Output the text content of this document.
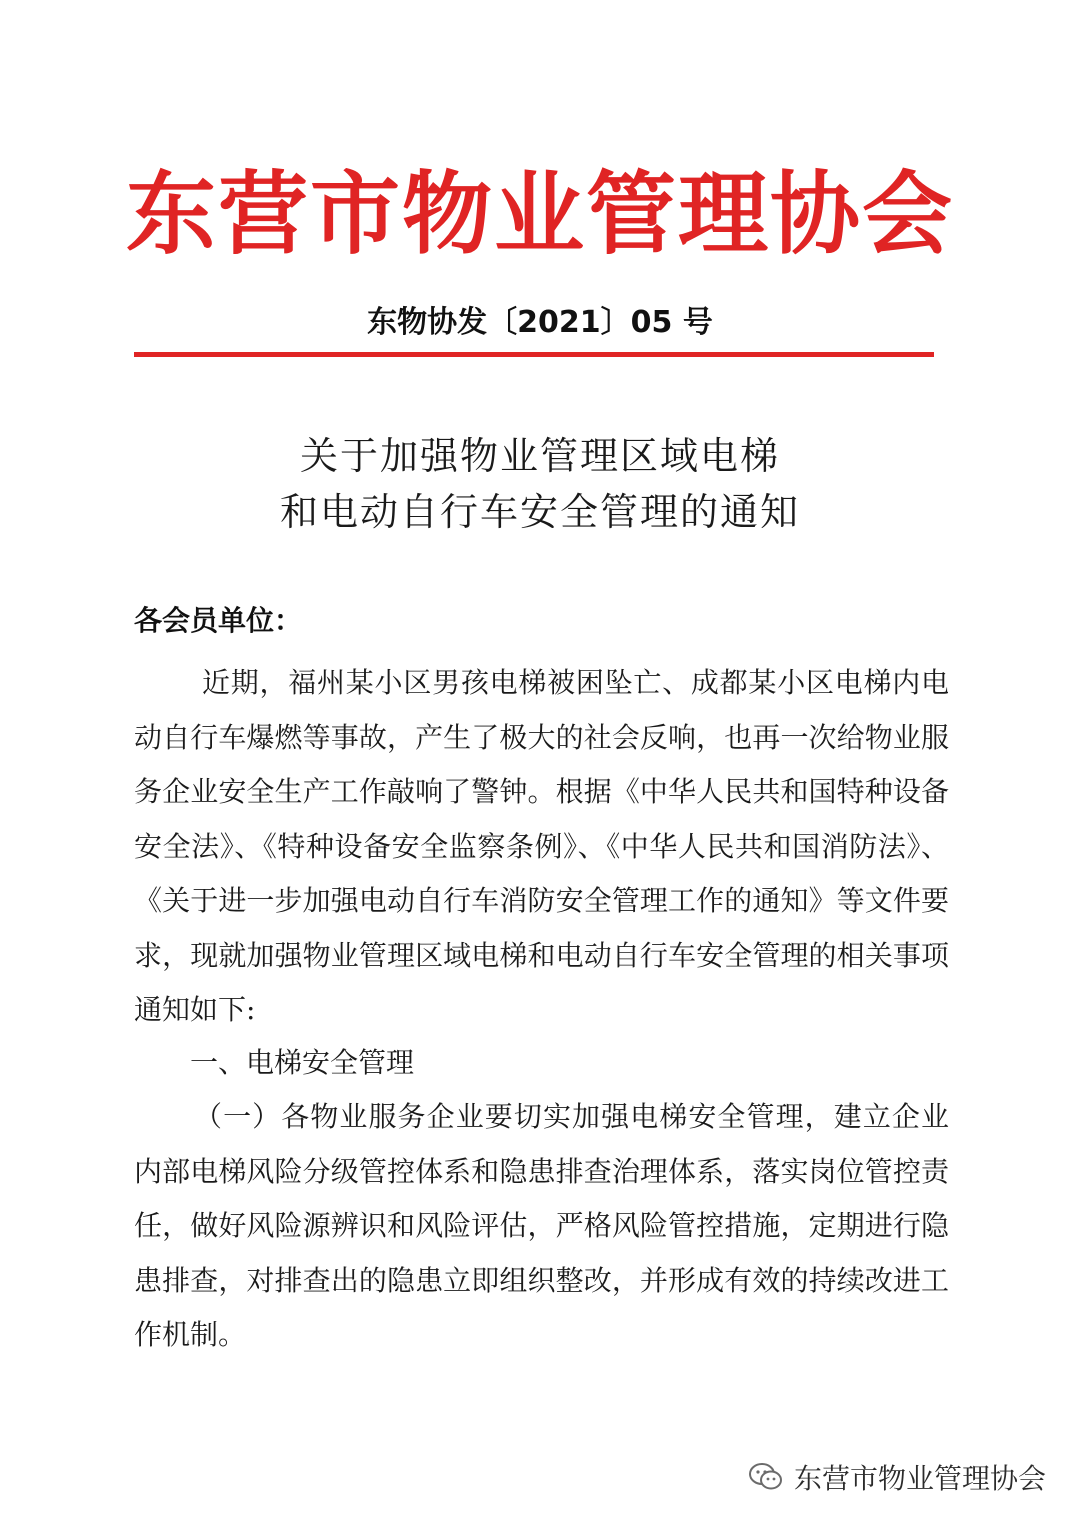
东营市物业管理协会
东物协发〔2021〕05 号
关于加强物业管理区域电梯
和电动自行车安全管理的通知
各会员单位：

近期，福州某小区男孩电梯被困坠亡、成都某小区电梯内电动自行车爆燃等事故，产生了极大的社会反响，也再一次给物业服务企业安全生产工作敲响了警钟。根据《中华人民共和国特种设备安全法》、《特种设备安全监察条例》、《中华人民共和国消防法》、《关于进一步加强电动自行车消防安全管理工作的通知》等文件要求，现就加强物业管理区域电梯和电动自行车安全管理的相关事项通知如下:

一、电梯安全管理

（一）各物业服务企业要切实加强电梯安全管理，建立企业内部电梯风险分级管控体系和隐患排查治理体系，落实岗位管控责任，做好风险源辨识和风险评估，严格风险管控措施，定期进行隐患排查，对排查出的隐患立即组织整改，并形成有效的持续改进工作机制。

东营市物业管理协会
